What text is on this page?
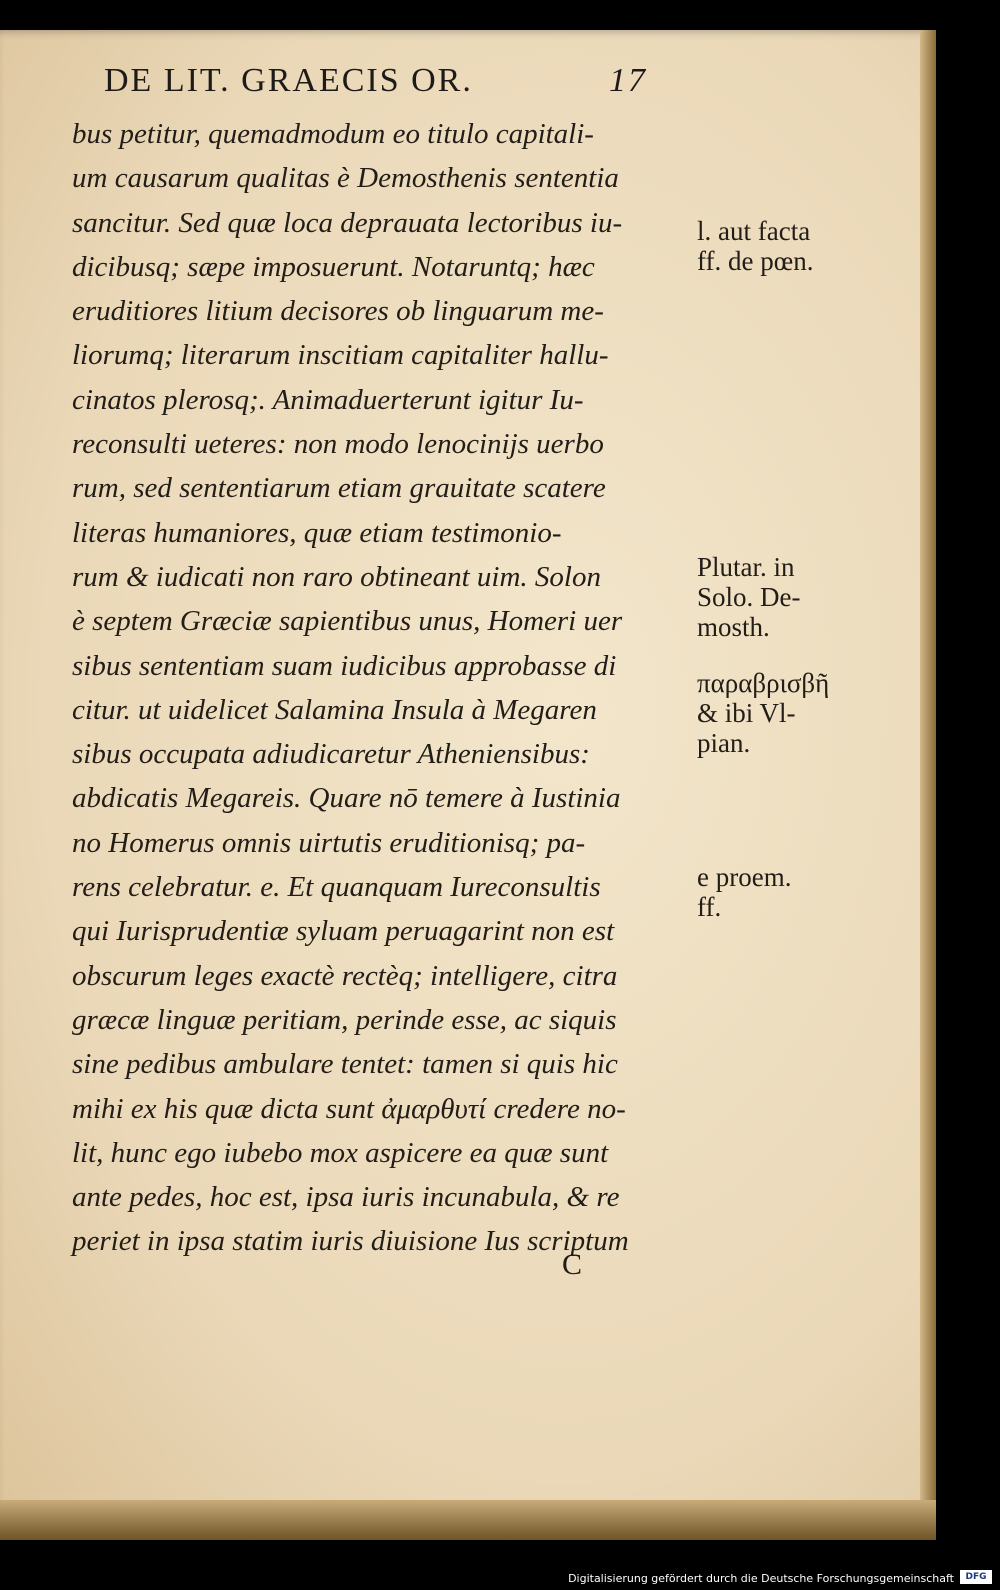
DE LIT. GRAECIS OR.	17
bus petitur, quemadmodum eo titulo capitali-
um causarum qualitas è Demosthenis sententia
sancitur. Sed quæ loca deprauata lectoribus iu-
dicibusq; sæpe imposuerunt. Notaruntq; hæc
eruditiores litium decisores ob linguarum me-
liorumq; literarum inscitiam capitaliter hallu-
cinatos plerosq;. Animaduerterunt igitur Iu-
reconsulti ueteres: non modo lenocinijs uerbo
rum, sed sententiarum etiam grauitate scatere
literas humaniores, quæ etiam testimonio-
rum & iudicati non raro obtineant uim. Solon
è septem Græciæ sapientibus unus, Homeri uer
sibus sententiam suam iudicibus approbasse di
citur. ut uidelicet Salamina Insula à Megaren
sibus occupata adiudicaretur Atheniensibus:
abdicatis Megareis. Quare nō temere à Iustinia
no Homerus omnis uirtutis eruditionisq; pa-
rens celebratur. e. Et quanquam Iureconsultis
qui Iurisprudentiæ syluam peruagarint non est
obscurum leges exactè rectèq; intelligere, citra
græcæ linguæ peritiam, perinde esse, ac siquis
sine pedibus ambulare tentet: tamen si quis hic
mihi ex his quæ dicta sunt ἀμαρθυτί credere no-
lit, hunc ego iubebo mox aspicere ea quæ sunt
ante pedes, hoc est, ipsa iuris incunabula, & re
periet in ipsa statim iuris diuisione Ius scriptum
l. aut facta
ff. de pœn.
Plutar. in
Solo. De-
mosth.
παραβρισβῆ
& ibi Vl-
pian.
e proem.
ff.
C
Digitalisierung gefördert durch die Deutsche Forschungsgemeinschaft	DFG
